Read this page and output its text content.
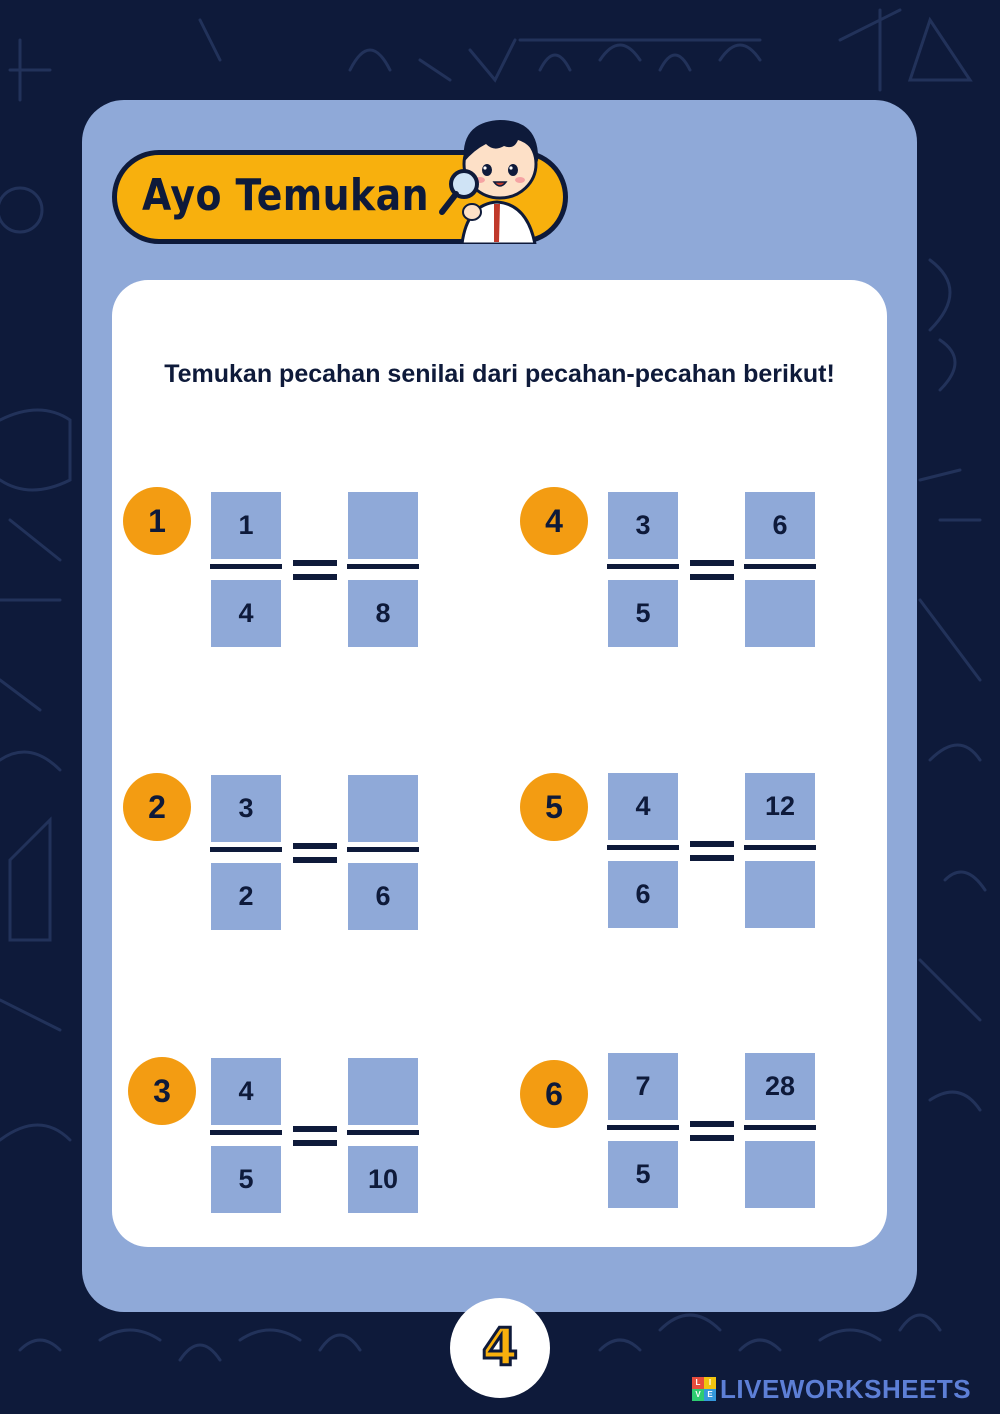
Ayo Temukan
Temukan pecahan senilai dari pecahan-pecahan berikut!
1	1
4	8
2	3
2	6
3	4
5	10
4	3
5
6
5	4
6
12
6	7
5
28
4
L	I
V E LIVEWORKSHEETS
